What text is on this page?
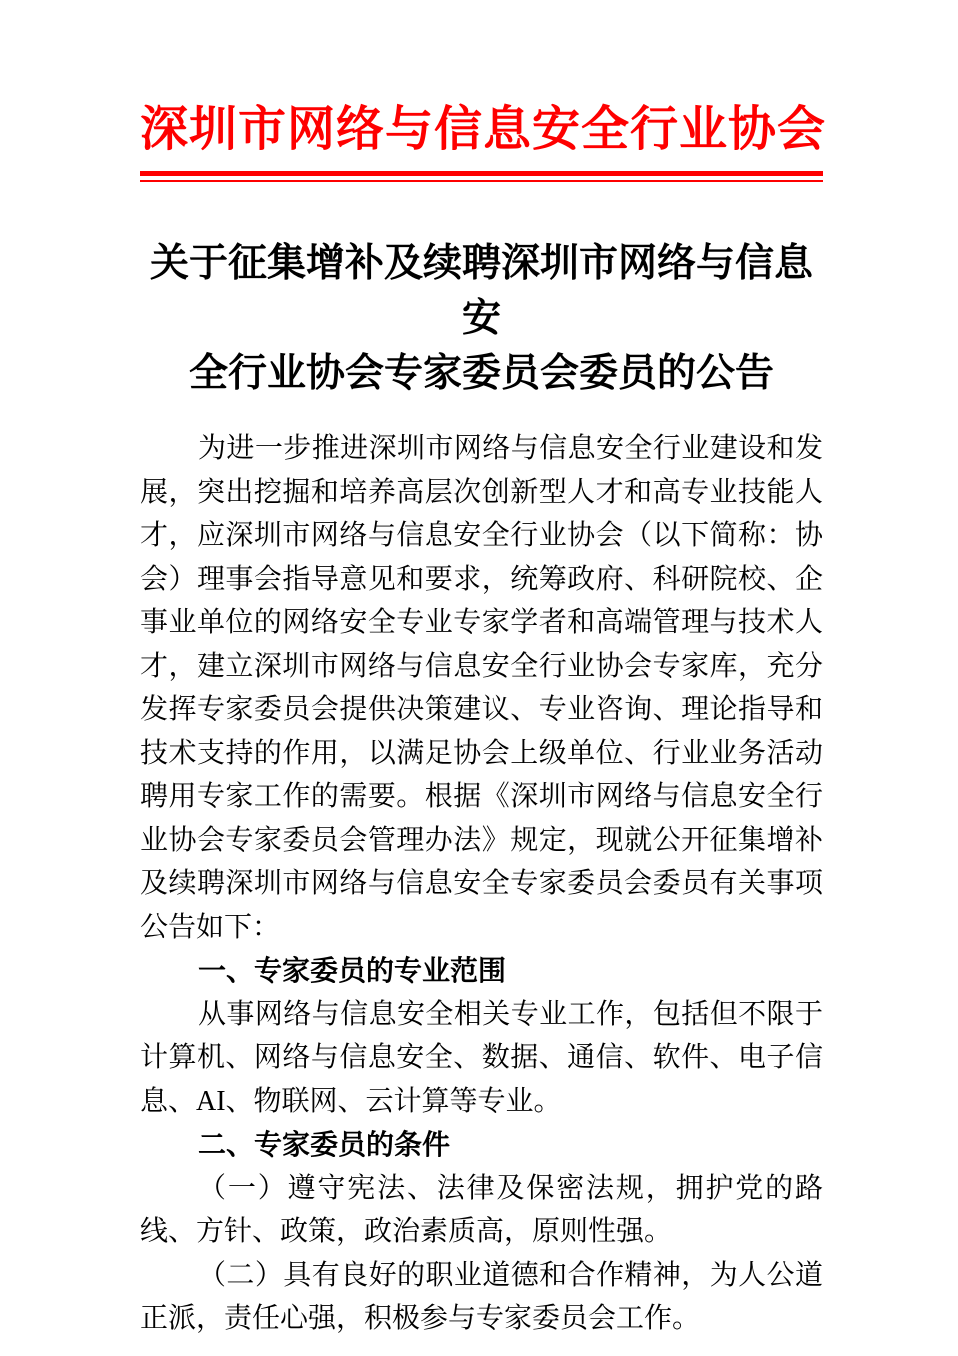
深圳市网络与信息安全行业协会
关于征集增补及续聘深圳市网络与信息安
全行业协会专家委员会委员的公告

为进一步推进深圳市网络与信息安全行业建设和发展，突出挖掘和培养高层次创新型人才和高专业技能人才，应深圳市网络与信息安全行业协会（以下简称：协会）理事会指导意见和要求，统筹政府、科研院校、企事业单位的网络安全专业专家学者和高端管理与技术人才，建立深圳市网络与信息安全行业协会专家库，充分发挥专家委员会提供决策建议、专业咨询、理论指导和技术支持的作用，以满足协会上级单位、行业业务活动聘用专家工作的需要。根据《深圳市网络与信息安全行业协会专家委员会管理办法》规定，现就公开征集增补及续聘深圳市网络与信息安全专家委员会委员有关事项公告如下：

一、专家委员的专业范围

从事网络与信息安全相关专业工作，包括但不限于计算机、网络与信息安全、数据、通信、软件、电子信息、AI、物联网、云计算等专业。

二、专家委员的条件

（一）遵守宪法、法律及保密法规，拥护党的路线、方针、政策，政治素质高，原则性强。

（二）具有良好的职业道德和合作精神，为人公道正派，责任心强，积极参与专家委员会工作。
